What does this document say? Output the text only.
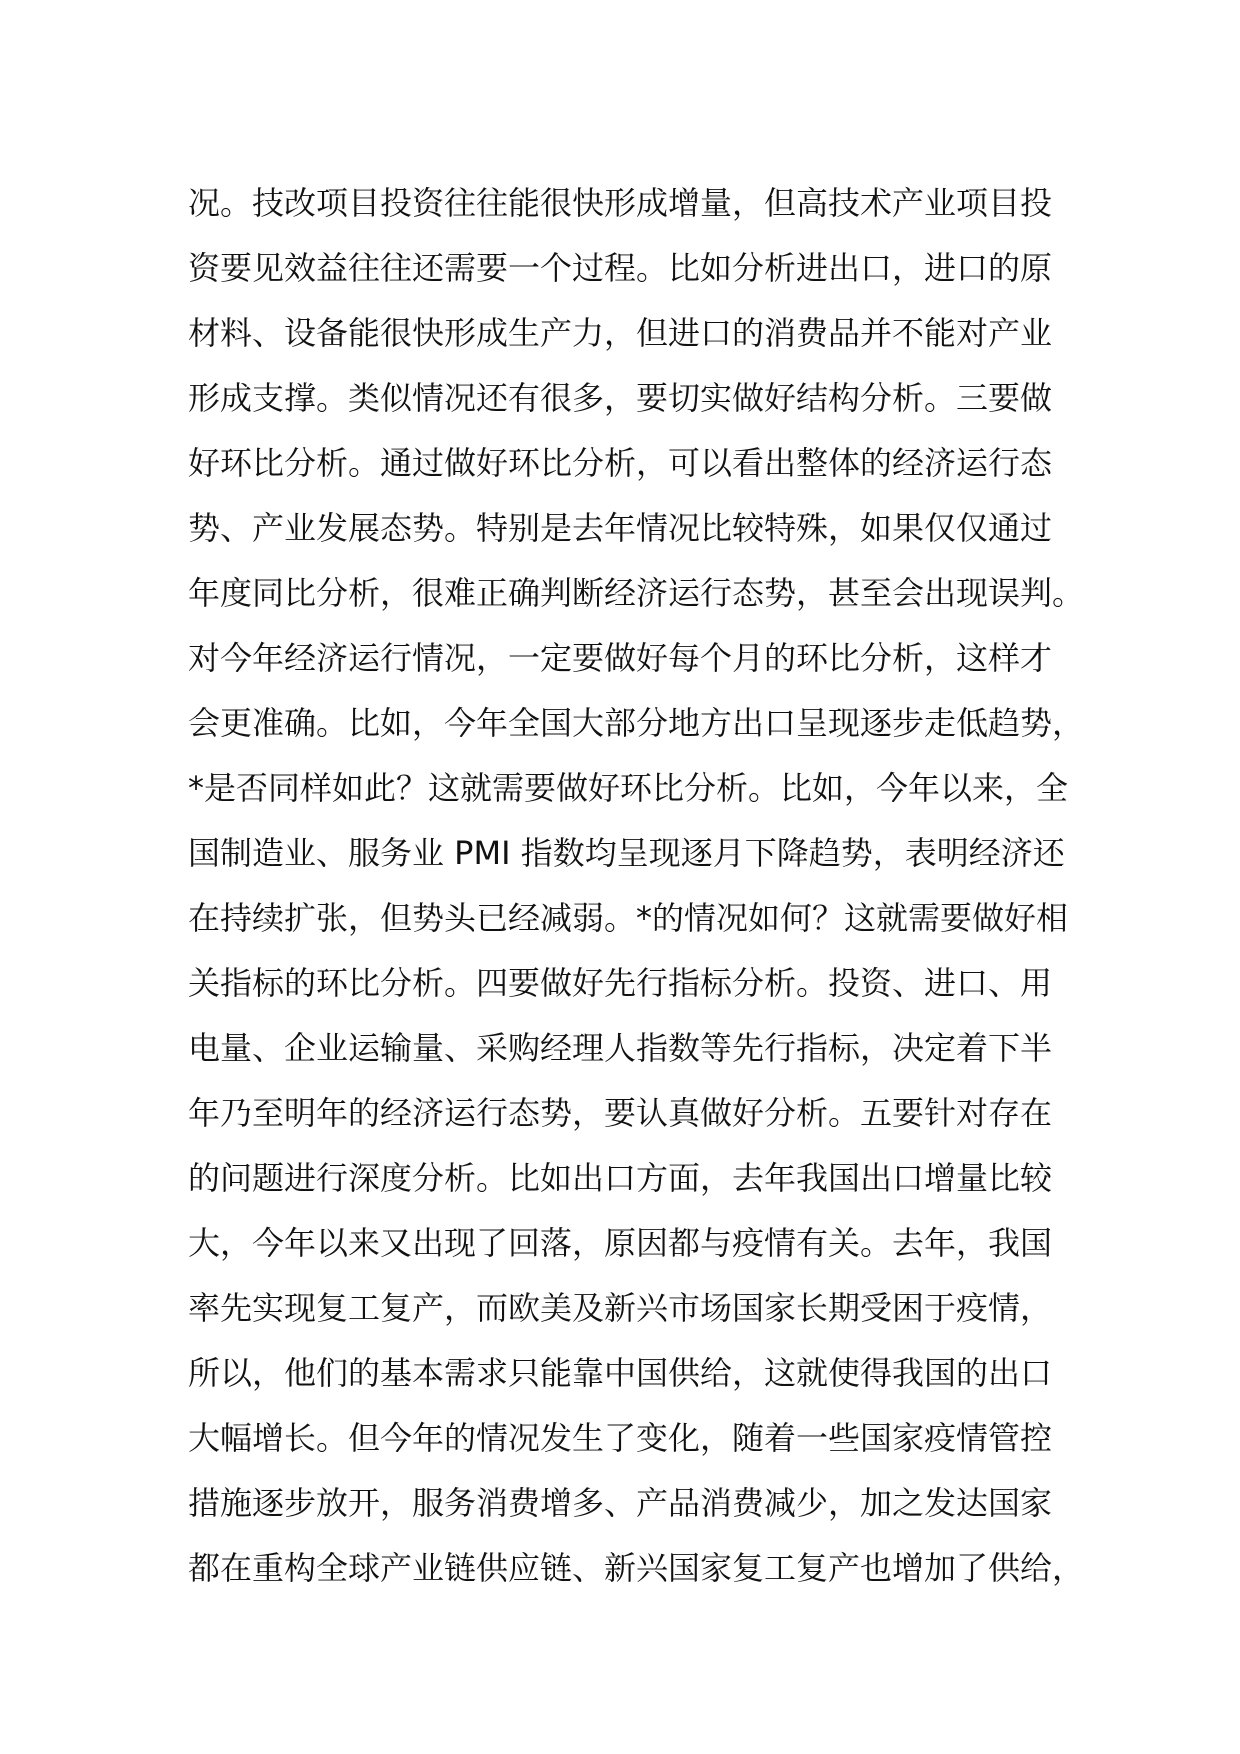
况。技改项目投资往往能很快形成增量，但高技术产业项目投
资要见效益往往还需要一个过程。比如分析进出口，进口的原
材料、设备能很快形成生产力，但进口的消费品并不能对产业
形成支撑。类似情况还有很多，要切实做好结构分析。三要做
好环比分析。通过做好环比分析，可以看出整体的经济运行态
势、产业发展态势。特别是去年情况比较特殊，如果仅仅通过
年度同比分析，很难正确判断经济运行态势，甚至会出现误判。
对今年经济运行情况，一定要做好每个月的环比分析，这样才
会更准确。比如，今年全国大部分地方出口呈现逐步走低趋势，
*是否同样如此？这就需要做好环比分析。比如，今年以来，全
国制造业、服务业 PMI 指数均呈现逐月下降趋势，表明经济还
在持续扩张，但势头已经减弱。*的情况如何？这就需要做好相
关指标的环比分析。四要做好先行指标分析。投资、进口、用
电量、企业运输量、采购经理人指数等先行指标，决定着下半
年乃至明年的经济运行态势，要认真做好分析。五要针对存在
的问题进行深度分析。比如出口方面，去年我国出口增量比较
大，今年以来又出现了回落，原因都与疫情有关。去年，我国
率先实现复工复产，而欧美及新兴市场国家长期受困于疫情，
所以，他们的基本需求只能靠中国供给，这就使得我国的出口
大幅增长。但今年的情况发生了变化，随着一些国家疫情管控
措施逐步放开，服务消费增多、产品消费减少，加之发达国家
都在重构全球产业链供应链、新兴国家复工复产也增加了供给，
